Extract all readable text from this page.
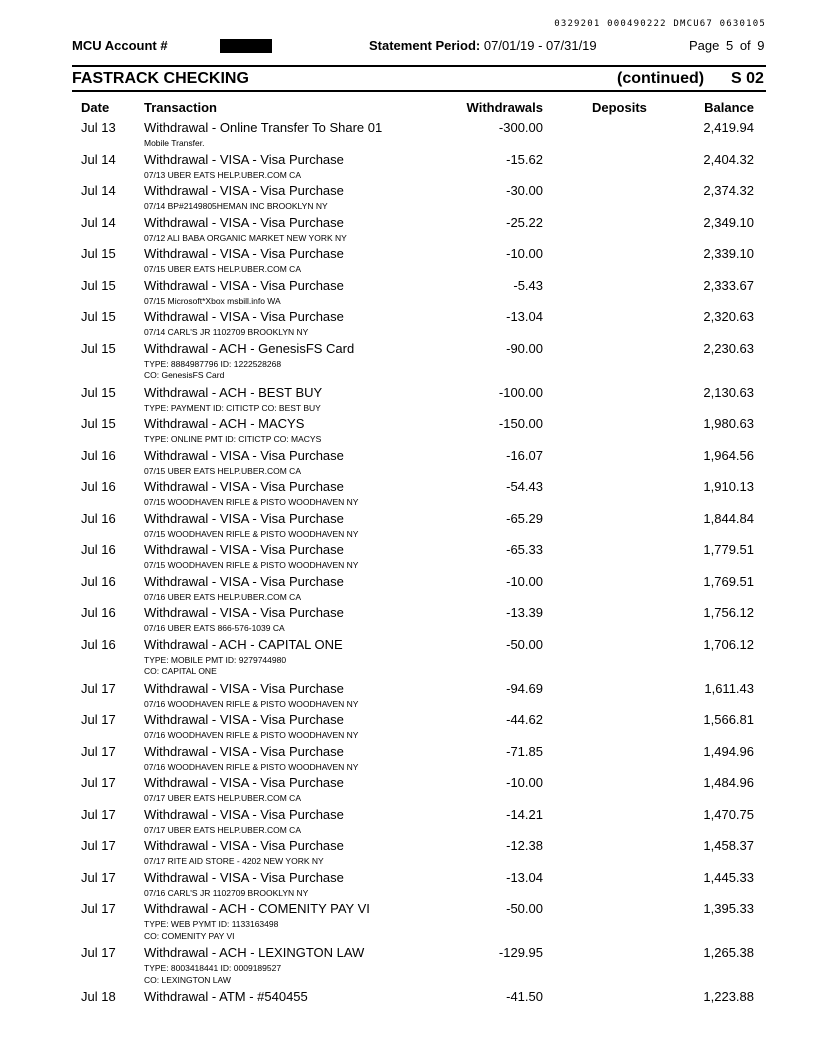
0329201 000490222 DMCU67 0630105
MCU Account #	Statement Period: 07/01/19 - 07/31/19	Page 5 of 9
FASTRACK CHECKING	(continued) S 02
Date	Transaction	Withdrawals	Deposits	Balance
Jul 13 Withdrawal - Online Transfer To Share 01	-300.00	2,419.94
Mobile Transfer.
Jul 14 Withdrawal - VISA - Visa Purchase	-15.62	2,404.32
07/13 UBER EATS HELP.UBER.COM CA
Jul 14 Withdrawal - VISA - Visa Purchase	-30.00	2,374.32
07/14 BP#2149805HEMAN INC BROOKLYN NY
Jul 14 Withdrawal - VISA - Visa Purchase	-25.22	2,349.10
07/12 ALI BABA ORGANIC MARKET NEW YORK NY
Jul 15 Withdrawal - VISA - Visa Purchase	-10.00	2,339.10
07/15 UBER EATS HELP.UBER.COM CA
Jul 15 Withdrawal - VISA - Visa Purchase	-5.43	2,333.67
07/15 Microsoft*Xbox msbill.info WA
Jul 15 Withdrawal - VISA - Visa Purchase	-13.04	2,320.63
07/14 CARL'S JR 1102709 BROOKLYN NY
Jul 15 Withdrawal - ACH - GenesisFS Card	-90.00	2,230.63
TYPE: 8884987796 ID: 1222528268
CO: GenesisFS Card
Jul 15 Withdrawal - ACH - BEST BUY	-100.00	2,130.63
TYPE: PAYMENT ID: CITICTP CO: BEST BUY
Jul 15 Withdrawal - ACH - MACYS	-150.00	1,980.63
TYPE: ONLINE PMT ID: CITICTP CO: MACYS
Jul 16 Withdrawal - VISA - Visa Purchase	-16.07	1,964.56
07/15 UBER EATS HELP.UBER.COM CA
Jul 16 Withdrawal - VISA - Visa Purchase	-54.43	1,910.13
07/15 WOODHAVEN RIFLE & PISTO WOODHAVEN NY
Jul 16 Withdrawal - VISA - Visa Purchase	-65.29	1,844.84
07/15 WOODHAVEN RIFLE & PISTO WOODHAVEN NY
Jul 16 Withdrawal - VISA - Visa Purchase	-65.33	1,779.51
07/15 WOODHAVEN RIFLE & PISTO WOODHAVEN NY
Jul 16 Withdrawal - VISA - Visa Purchase	-10.00	1,769.51
07/16 UBER EATS HELP.UBER.COM CA
Jul 16 Withdrawal - VISA - Visa Purchase	-13.39	1,756.12
07/16 UBER EATS 866-576-1039 CA
Jul 16 Withdrawal - ACH - CAPITAL ONE	-50.00	1,706.12
TYPE: MOBILE PMT ID: 9279744980
CO: CAPITAL ONE
Jul 17 Withdrawal - VISA - Visa Purchase	-94.69	1,611.43
07/16 WOODHAVEN RIFLE & PISTO WOODHAVEN NY
Jul 17 Withdrawal - VISA - Visa Purchase	-44.62	1,566.81
07/16 WOODHAVEN RIFLE & PISTO WOODHAVEN NY
Jul 17 Withdrawal - VISA - Visa Purchase	-71.85	1,494.96
07/16 WOODHAVEN RIFLE & PISTO WOODHAVEN NY
Jul 17 Withdrawal - VISA - Visa Purchase	-10.00	1,484.96
07/17 UBER EATS HELP.UBER.COM CA
Jul 17 Withdrawal - VISA - Visa Purchase	-14.21	1,470.75
07/17 UBER EATS HELP.UBER.COM CA
Jul 17 Withdrawal - VISA - Visa Purchase	-12.38	1,458.37
07/17 RITE AID STORE - 4202 NEW YORK NY
Jul 17 Withdrawal - VISA - Visa Purchase	-13.04	1,445.33
07/16 CARL'S JR 1102709 BROOKLYN NY
Jul 17 Withdrawal - ACH - COMENITY PAY VI	-50.00	1,395.33
TYPE: WEB PYMT ID: 1133163498
CO: COMENITY PAY VI
Jul 17 Withdrawal - ACH - LEXINGTON LAW	-129.95	1,265.38
TYPE: 8003418441 ID: 0009189527
CO: LEXINGTON LAW
Jul 18 Withdrawal - ATM - #540455	-41.50	1,223.88
